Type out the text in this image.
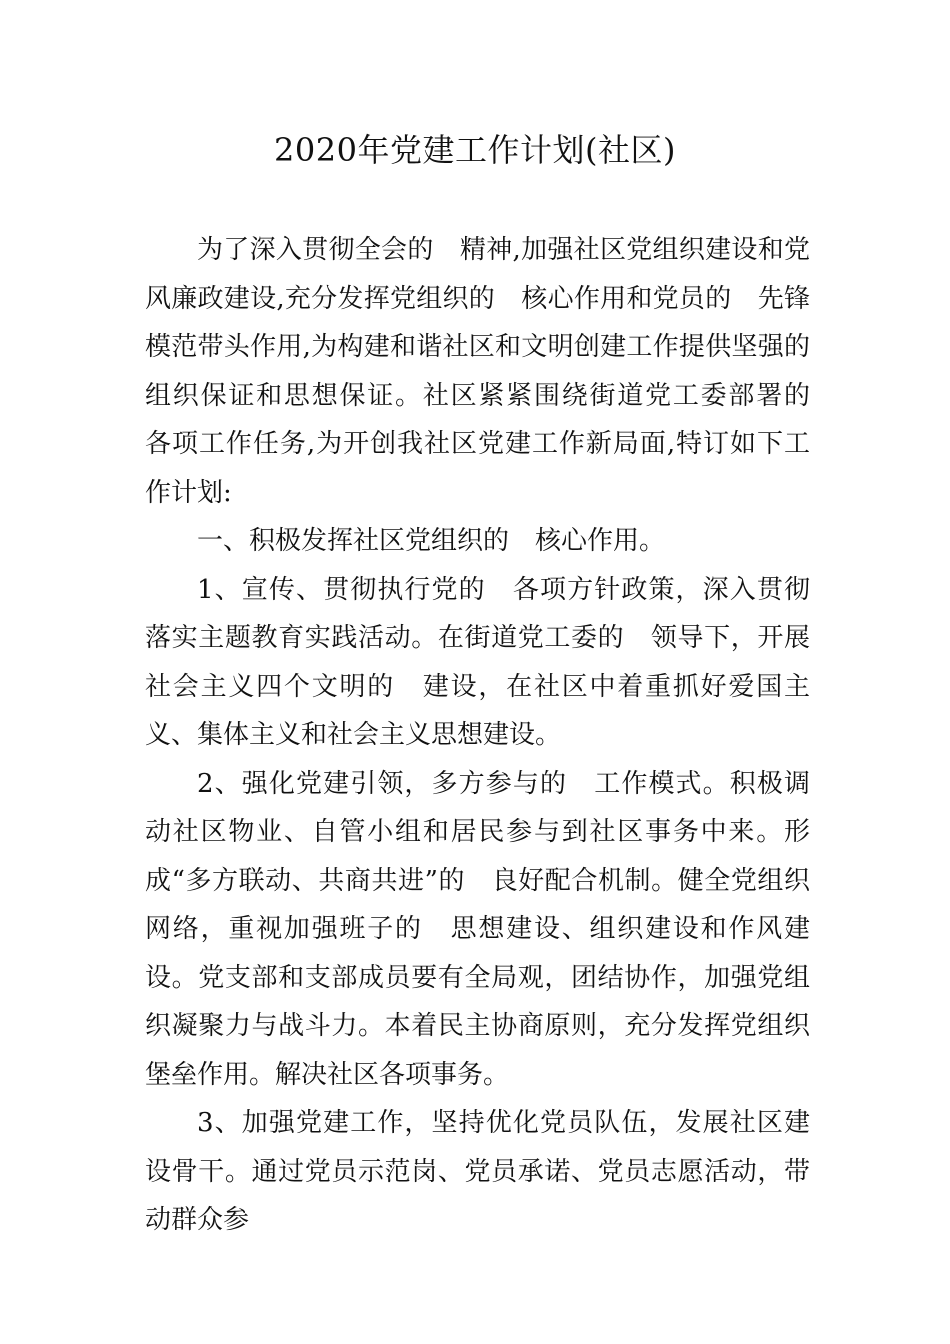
2020年党建工作计划(社区)

为了深入贯彻全会的　精神,加强社区党组织建设和党风廉政建设,充分发挥党组织的　核心作用和党员的　先锋模范带头作用,为构建和谐社区和文明创建工作提供坚强的组织保证和思想保证。社区紧紧围绕街道党工委部署的　各项工作任务,为开创我社区党建工作新局面,特订如下工作计划:

一、积极发挥社区党组织的　核心作用。

1、宣传、贯彻执行党的　各项方针政策，深入贯彻落实主题教育实践活动。在街道党工委的　领导下，开展社会主义四个文明的　建设，在社区中着重抓好爱国主义、集体主义和社会主义思想建设。

2、强化党建引领，多方参与的　工作模式。积极调动社区物业、自管小组和居民参与到社区事务中来。形成“多方联动、共商共进”的　良好配合机制。健全党组织网络，重视加强班子的　思想建设、组织建设和作风建设。党支部和支部成员要有全局观，团结协作，加强党组织凝聚力与战斗力。本着民主协商原则，充分发挥党组织堡垒作用。解决社区各项事务。

3、加强党建工作，坚持优化党员队伍，发展社区建设骨干。通过党员示范岗、党员承诺、党员志愿活动，带动群众参
